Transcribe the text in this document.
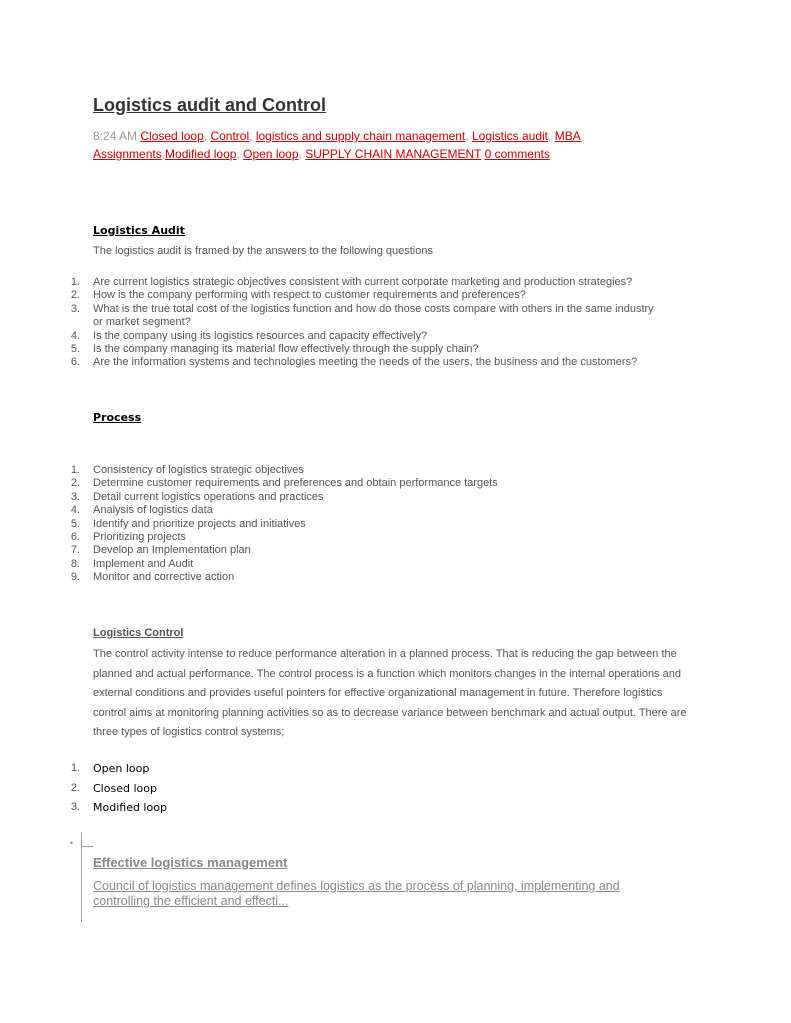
Logistics audit and Control
8:24 AM Closed loop, Control, logistics and supply chain management, Logistics audit, MBA Assignments,Modified loop, Open loop, SUPPLY CHAIN MANAGEMENT 0 comments
Logistics Audit
The logistics audit is framed by the answers to the following questions
1. Are current logistics strategic objectives consistent with current corporate marketing and production strategies?
2. How is the company performing with respect to customer requirements and preferences?
3. What is the true total cost of the logistics function and how do those costs compare with others in the same industry or market segment?
4. Is the company using its logistics resources and capacity effectively?
5. Is the company managing its material flow effectively through the supply chain?
6. Are the information systems and technologies meeting the needs of the users, the business and the customers?
Process
1. Consistency of logistics strategic objectives
2. Determine customer requirements and preferences and obtain performance targets
3. Detail current logistics operations and practices
4. Analysis of logistics data
5. Identify and prioritize projects and initiatives
6. Prioritizing projects
7. Develop an Implementation plan
8. Implement and Audit
9. Monitor and corrective action
Logistics Control
The control activity intense to reduce performance alteration in a planned process. That is reducing the gap between the planned and actual performance. The control process is a function which monitors changes in the internal operations and external conditions and provides useful pointers for effective organizational management in future. Therefore logistics control aims at monitoring planning activities so as to decrease variance between benchmark and actual output. There are three types of logistics control systems;
1. Open loop
2. Closed loop
3. Modified loop
•
Effective logistics management
Council of logistics management defines logistics as the process of planning, implementing and controlling the efficient and effecti...
